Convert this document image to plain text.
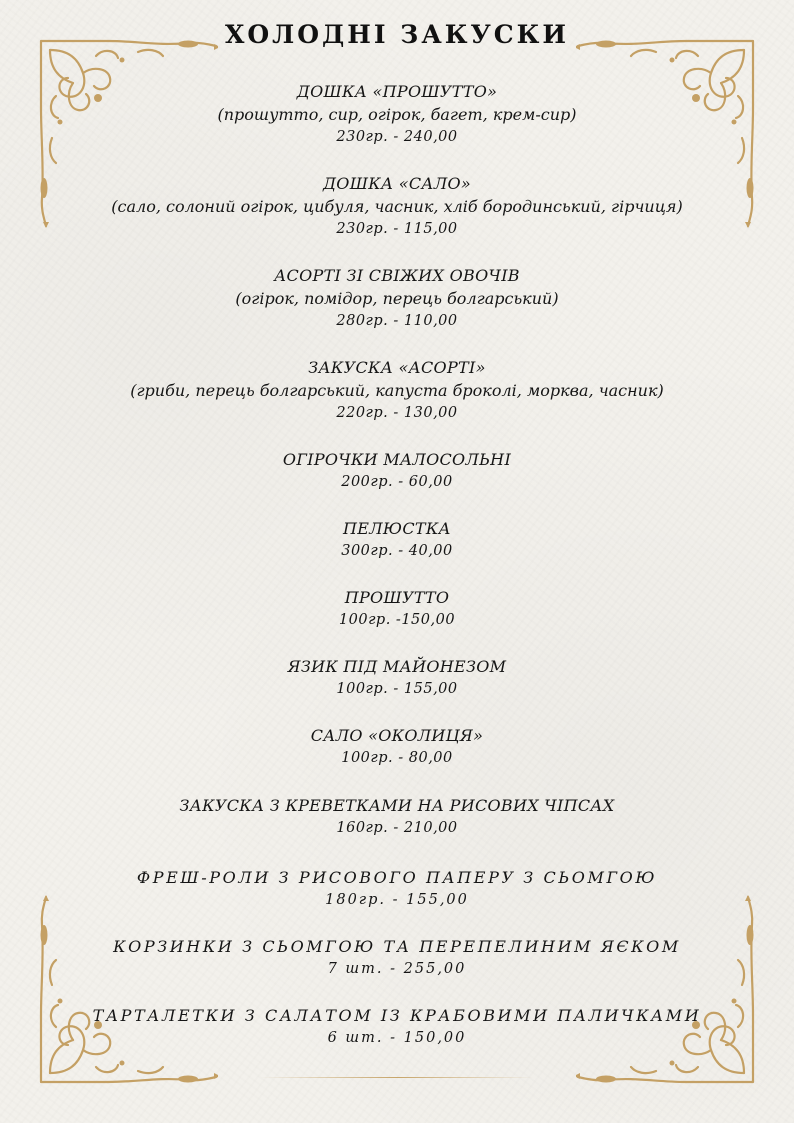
ХОЛОДНІ ЗАКУСКИ
ДОШКА «ПРОШУТТО»
(прошутто, сир, огірок, багет, крем-сир)
230гр. - 240,00
ДОШКА «САЛО»
(сало, солоний огірок, цибуля, часник, хліб бородинський, гірчиця)
230гр. - 115,00
АСОРТІ ЗІ СВІЖИХ ОВОЧІВ
(огірок, помідор, перець болгарський)
280гр. - 110,00
ЗАКУСКА «АСОРТІ»
(гриби, перець болгарський, капуста броколі, морква, часник)
220гр. - 130,00
ОГІРОЧКИ МАЛОСОЛЬНІ
200гр. - 60,00
ПЕЛЮСТКА
300гр. - 40,00
ПРОШУТТО
100гр. -150,00
ЯЗИК ПІД МАЙОНЕЗОМ
100гр. - 155,00
САЛО «ОКОЛИЦЯ»
100гр. - 80,00
ЗАКУСКА З КРЕВЕТКАМИ НА РИСОВИХ ЧІПСАХ
160гр. - 210,00
ФРЕШ-РОЛИ З РИСОВОГО ПАПЕРУ З СЬОМГОЮ
180гр. - 155,00
КОРЗИНКИ З СЬОМГОЮ ТА ПЕРЕПЕЛИНИМ ЯЄКОМ
7 шт. - 255,00
ТАРТАЛЕТКИ З САЛАТОМ ІЗ КРАБОВИМИ ПАЛИЧКАМИ
6 шт. - 150,00
